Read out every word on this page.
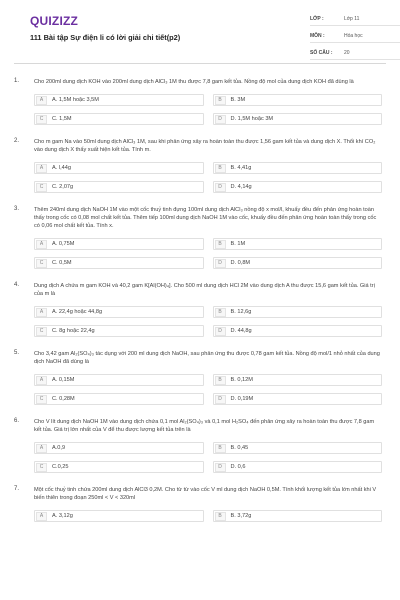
QUIZIZZ
111 Bài tập Sự điện li có lời giải chi tiết(p2)
LỚP :	Lớp 11
MÔN :	Hóa học
SỐ CÂU :	20
1.	Cho 200ml dung dịch KOH vào 200ml dung dịch AlCl₃ 1M thu được 7,8 gam kết tủa. Nồng độ mol của dung dịch KOH đã dùng là
A	A. 1,5M hoặc 3,5M	B	B. 3M
C	C. 1,5M	D	D. 1,5M hoặc 3M
2.	Cho m gam Na vào 50ml dung dịch AlCl₃ 1M, sau khi phản ứng xảy ra hoàn toàn thu được 1,56 gam kết tủa và dung dịch X. Thổi khí CO₂ vào dung dịch X thấy xuất hiện kết tủa. Tính m.
A	A. l,44g	B	B. 4,41g
C	C. 2,07g	D	D. 4,14g
3.	Thêm 240ml dung dịch NaOH 1M vào một cốc thuỷ tinh đựng 100ml dung dịch AlCl₃ nồng độ x mol/l, khuấy đều đến phản ứng hoàn toàn thấy trong cốc có 0,08 mol chất kết tủa. Thêm tiếp 100ml dung dịch NaOH 1M vào cốc, khuấy đều đến phản ứng hoàn toàn thấy trong cốc có 0,06 mol chất kết tủa. Tính x.
A	A. 0,75M	B	B. 1M
C	C. 0,5M	D	D. 0,8M
4.	Dung dịch A chứa m gam KOH và 40,2 gam K[Al(OH)₄]. Cho 500 ml dung dịch HCl 2M vào dung dịch A thu được 15,6 gam kết tủa. Giá trị của m là
A	A. 22,4g hoặc 44,8g	B	B. 12,6g
C	C. 8g hoặc 22,4g	D	D. 44,8g
5.	Cho 3,42 gam Al₂(SO₄)₃ tác dụng với 200 ml dung dịch NaOH, sau phản ứng thu được 0,78 gam kết tủa. Nồng độ mol/1 nhỏ nhất của dung dịch NaOH đã dùng là
A	A. 0,15M	B	B. 0,12M
C	C. 0,28M	D	D. 0,19M
6.	Cho V lít dung dịch NaOH 1M vào dung dịch chứa 0,1 mol Al₂(SO₄)₃ và 0,1 mol H₂SO₄ đến phản ứng xảy ra hoàn toàn thu được 7,8 gam kết tủa. Giá trị lớn nhất của V để thu được lượng kết tủa trên là
A	A.0,9	B	B. 0,45
C	C.0,25	D	D. 0,6
7.	Một cốc thuỷ tinh chứa 200ml dung dịch AlCl3 0,2M. Cho từ từ vào cốc V ml dung dịch NaOH 0,5M. Tính khối lượng kết tủa lớn nhất khi V biến thiên trong đoạn 250ml < V < 320ml
A	A. 3,12g	B	B. 3,72g
